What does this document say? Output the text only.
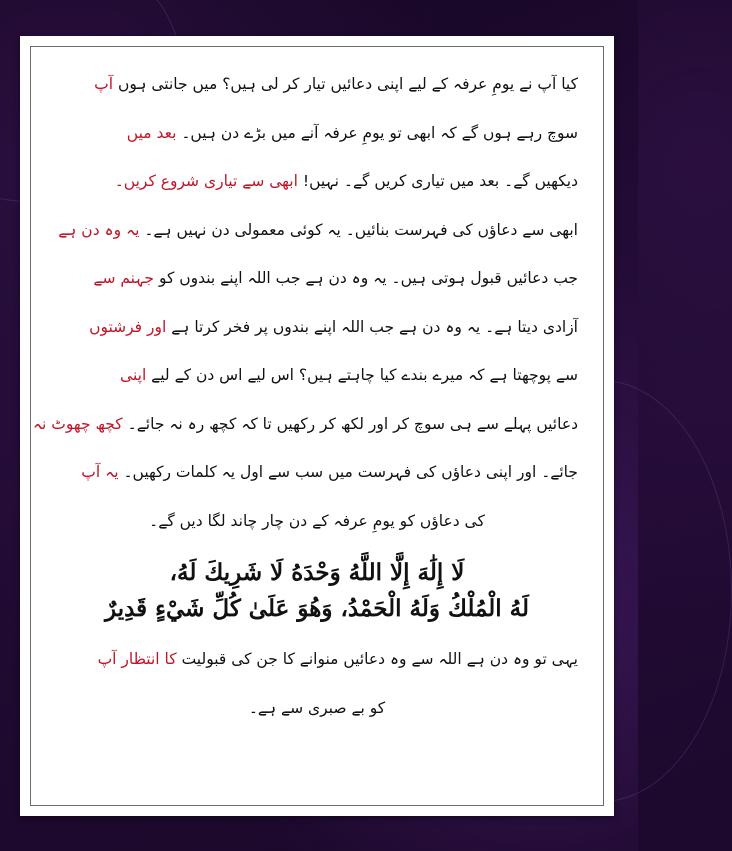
کیا آپ نے یومِ عرفہ کے لیے اپنی دعائیں تیار کر لی ہیں؟ میں جانتی ہوں آپ
سوچ رہے ہوں گے کہ ابھی تو یومِ عرفہ آنے میں بڑے دن ہیں۔ بعد میں
دیکھیں گے۔ بعد میں تیاری کریں گے۔ نہیں! ابھی سے تیاری شروع کریں۔
ابھی سے دعاؤں کی فہرست بنائیں۔ یہ کوئی معمولی دن نہیں ہے۔ یہ وہ دن ہے
جب دعائیں قبول ہوتی ہیں۔ یہ وہ دن ہے جب اللہ اپنے بندوں کو جہنم سے
آزادی دیتا ہے۔ یہ وہ دن ہے جب اللہ اپنے بندوں پر فخر کرتا ہے اور فرشتوں
سے پوچھتا ہے کہ میرے بندے کیا چاہتے ہیں؟ اس لیے اس دن کے لیے اپنی
دعائیں پہلے سے ہی سوچ کر اور لکھ کر رکھیں تا کہ کچھ رہ نہ جائے۔ کچھ چھوٹ نہ
جائے۔ اور اپنی دعاؤں کی فہرست میں سب سے اول یہ کلمات رکھیں۔ یہ آپ
کی دعاؤں کو یومِ عرفہ کے دن چار چاند لگا دیں گے۔
لَا إِلَٰهَ إِلَّا اللَّهُ وَحْدَهُ لَا شَرِيكَ لَهُ،
لَهُ الْمُلْكُ وَلَهُ الْحَمْدُ، وَهُوَ عَلَىٰ كُلِّ شَيْءٍ قَدِيرٌ
یہی تو وہ دن ہے اللہ سے وہ دعائیں منوانے کا جن کی قبولیت کا انتظار آپ
کو بے صبری سے ہے۔
